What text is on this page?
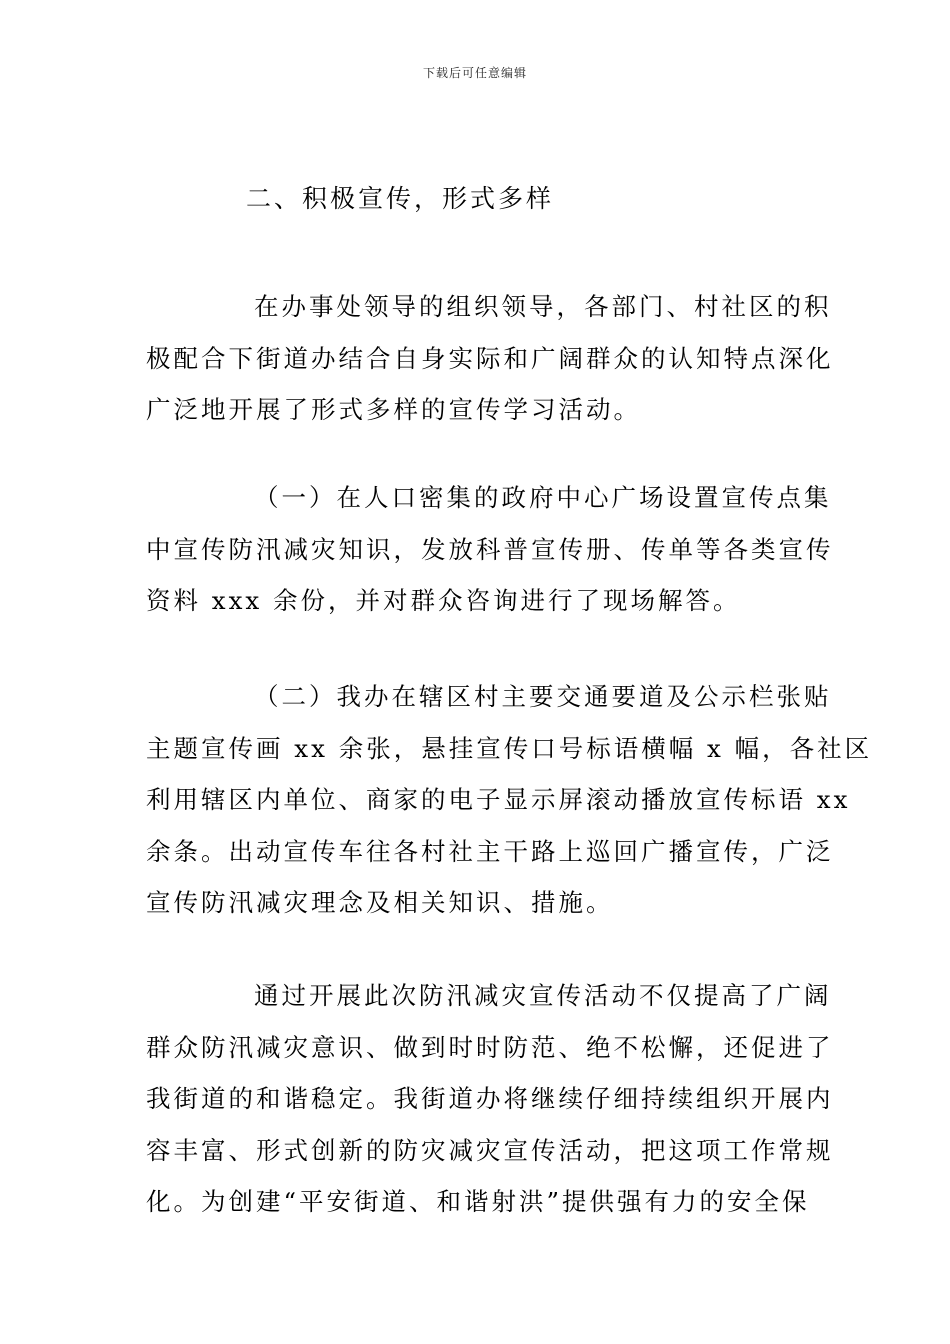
下载后可任意编辑
二、积极宣传，形式多样
在办事处领导的组织领导，各部门、村社区的积
极配合下街道办结合自身实际和广阔群众的认知特点深化
广泛地开展了形式多样的宣传学习活动。
（一）在人口密集的政府中心广场设置宣传点集
中宣传防汛减灾知识，发放科普宣传册、传单等各类宣传
资料 xxx 余份，并对群众咨询进行了现场解答。
（二）我办在辖区村主要交通要道及公示栏张贴
主题宣传画 xx 余张，悬挂宣传口号标语横幅 x 幅，各社区
利用辖区内单位、商家的电子显示屏滚动播放宣传标语 xx
余条。出动宣传车往各村社主干路上巡回广播宣传，广泛
宣传防汛减灾理念及相关知识、措施。
通过开展此次防汛减灾宣传活动不仅提高了广阔
群众防汛减灾意识、做到时时防范、绝不松懈，还促进了
我街道的和谐稳定。我街道办将继续仔细持续组织开展内
容丰富、形式创新的防灾减灾宣传活动，把这项工作常规
化。为创建“平安街道、和谐射洪”提供强有力的安全保
